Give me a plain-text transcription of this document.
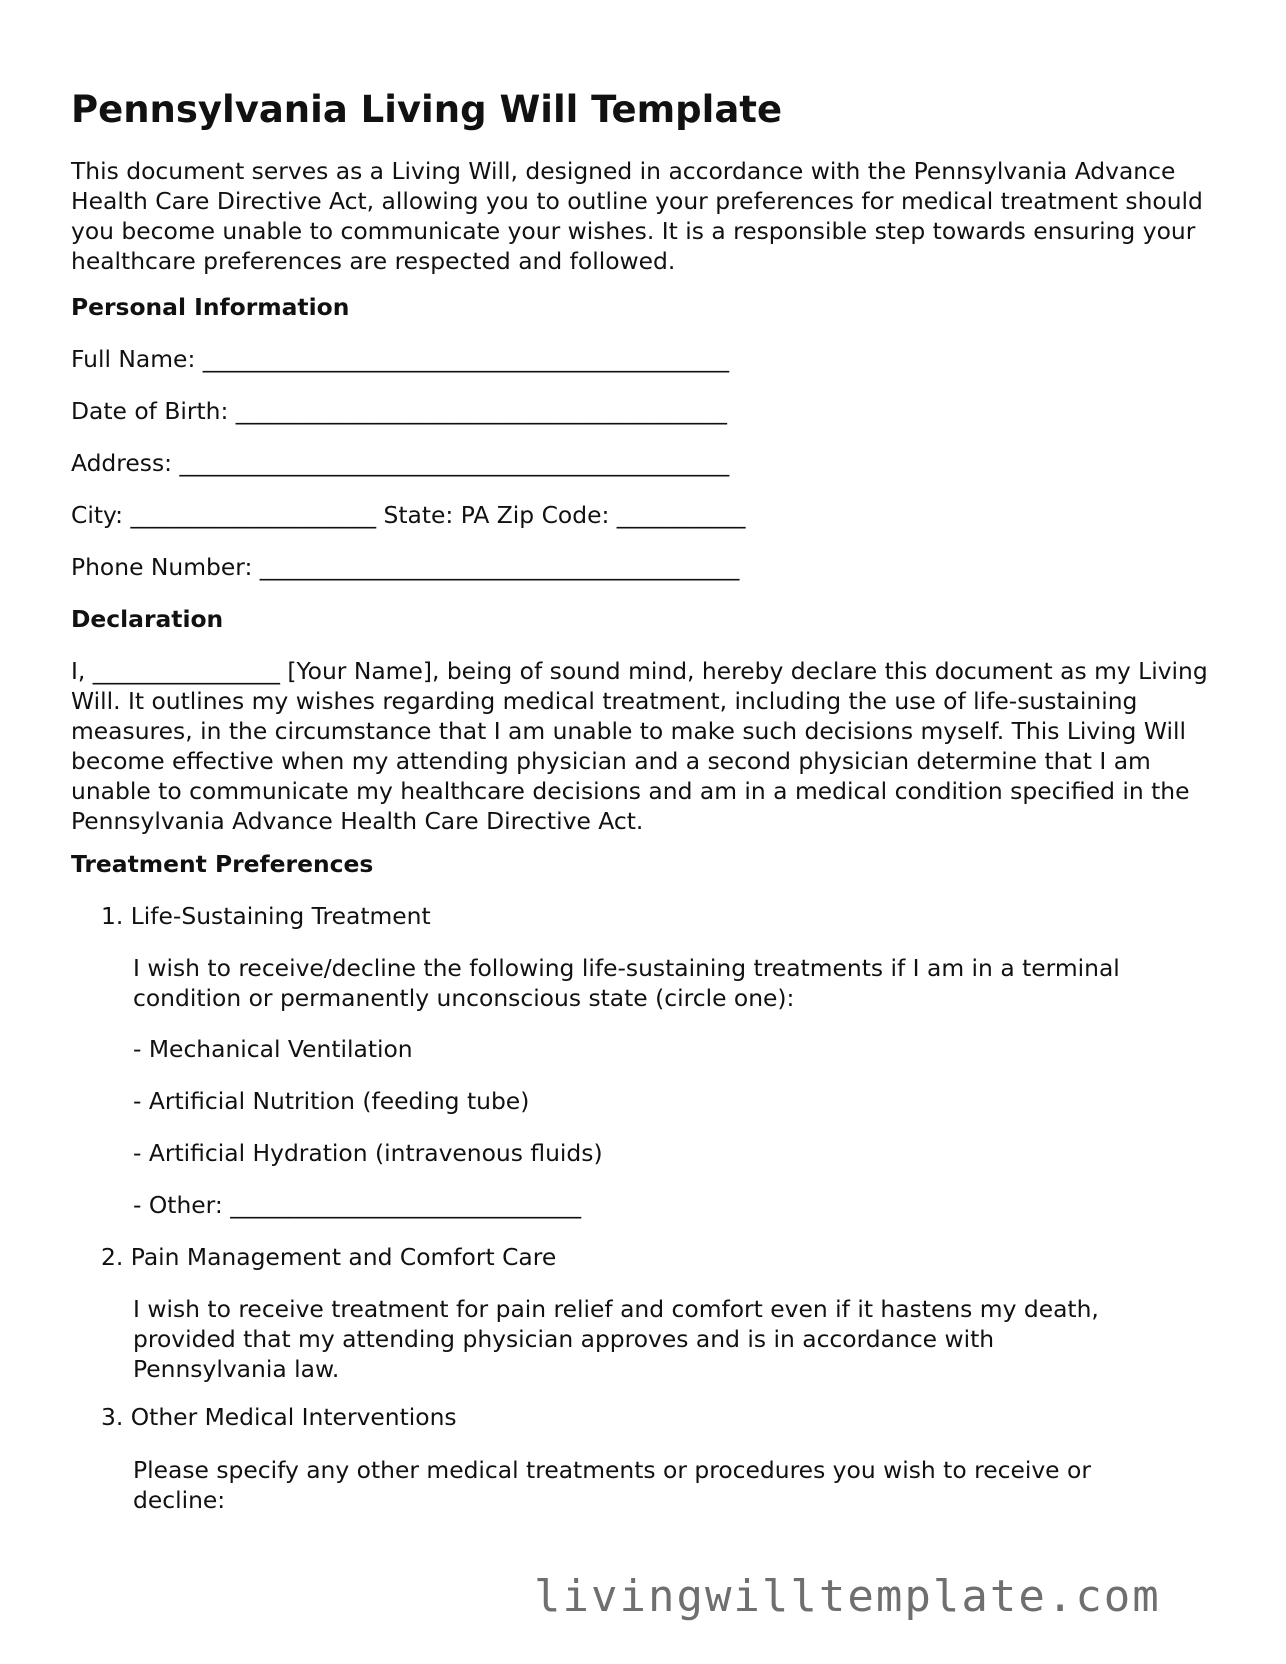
Pennsylvania Living Will Template

This document serves as a Living Will, designed in accordance with the Pennsylvania Advance Health Care Directive Act, allowing you to outline your preferences for medical treatment should you become unable to communicate your wishes. It is a responsible step towards ensuring your healthcare preferences are respected and followed.

Personal Information
Full Name: _____________________________________________
Date of Birth: __________________________________________
Address: _______________________________________________
City: _____________________ State: PA Zip Code: ___________
Phone Number: _________________________________________
Declaration

I, ________________ [Your Name], being of sound mind, hereby declare this document as my Living Will. It outlines my wishes regarding medical treatment, including the use of life-sustaining measures, in the circumstance that I am unable to make such decisions myself. This Living Will become effective when my attending physician and a second physician determine that I am unable to communicate my healthcare decisions and am in a medical condition specified in the Pennsylvania Advance Health Care Directive Act.

Treatment Preferences
1. Life-Sustaining Treatment

I wish to receive/decline the following life-sustaining treatments if I am in a terminal condition or permanently unconscious state (circle one):

- Mechanical Ventilation
- Artificial Nutrition (feeding tube)
- Artificial Hydration (intravenous fluids)
- Other: ______________________________
2. Pain Management and Comfort Care

I wish to receive treatment for pain relief and comfort even if it hastens my death, provided that my attending physician approves and is in accordance with Pennsylvania law.

3. Other Medical Interventions

Please specify any other medical treatments or procedures you wish to receive or decline:

livingwilltemplate.com
